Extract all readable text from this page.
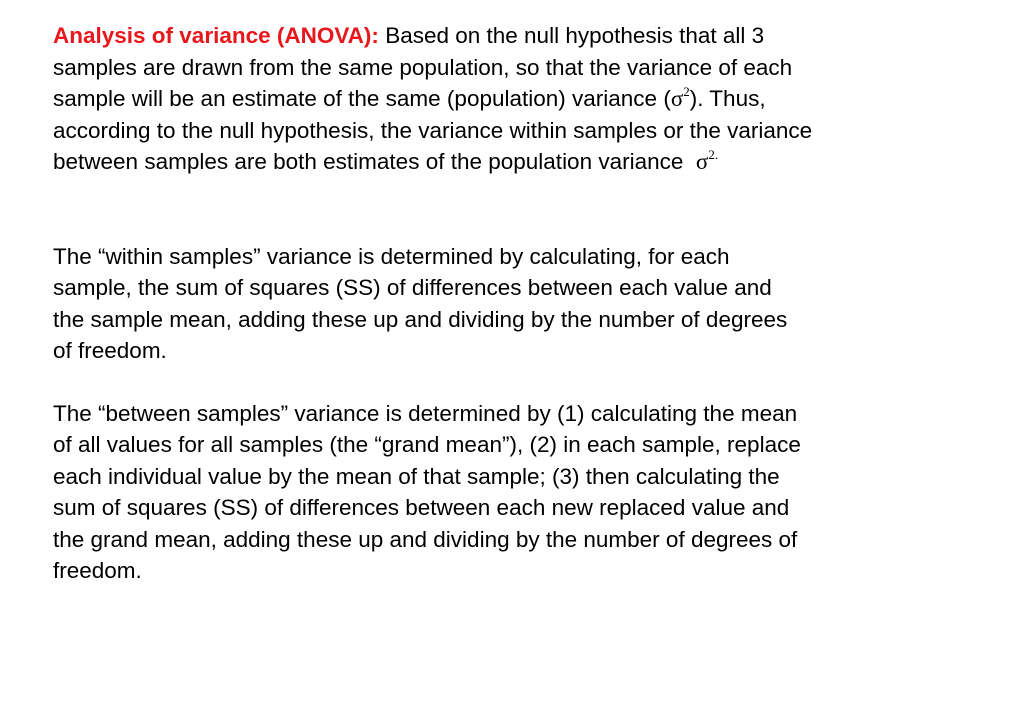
Analysis of variance (ANOVA): Based on the null hypothesis that all 3
samples are drawn from the same population, so that the variance of each
sample will be an estimate of the same (population) variance $(\sigma^2)$. Thus,
according to the null hypothesis, the variance within samples or the variance
between samples are both estimates of the population variance  $\sigma^{2.}$

The “within samples” variance is determined by calculating, for each
sample, the sum of squares (SS) of differences between each value and
the sample mean, adding these up and dividing by the number of degrees
of freedom.

The “between samples” variance is determined by (1) calculating the mean
of all values for all samples (the “grand mean”), (2) in each sample, replace
each individual value by the mean of that sample; (3) then calculating the
sum of squares (SS) of differences between each new replaced value and
the grand mean, adding these up and dividing by the number of degrees of
freedom.
